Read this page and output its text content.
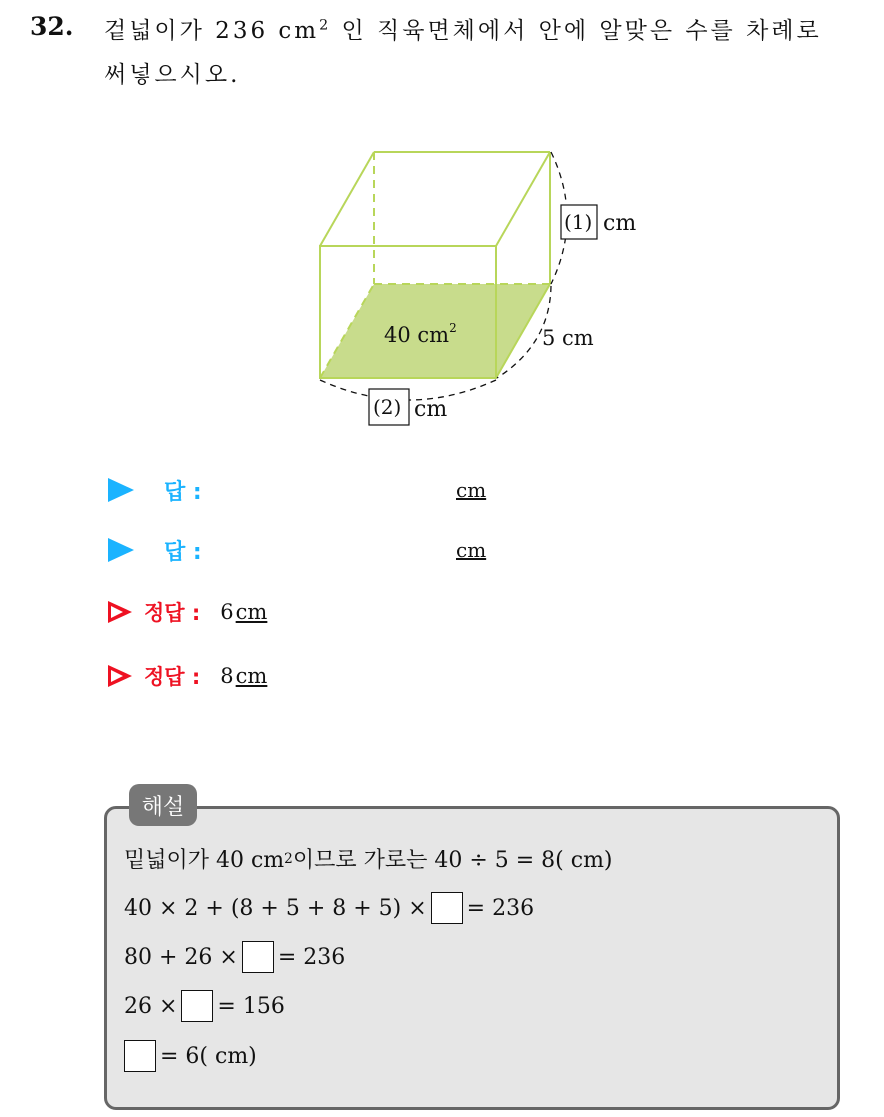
32. 겉넓이가 236 $cm^2$ 인 직육면체에서 안에 알맞은 수를 차례로
써넣으시오.
40 $cm^2$	5 cm
(1) cm
(2) cm
답 :	cm
답 :	cm
정답 : 6cm
정답 : 8cm
해설
밑넓이가 40 cm 2 이므로 가로는 40 ÷ 5 = 8( cm)
40 × 2 + (8 + 5 + 8 + 5) × = 236
80 + 26 × = 236
26 × = 156
= 6( cm)
